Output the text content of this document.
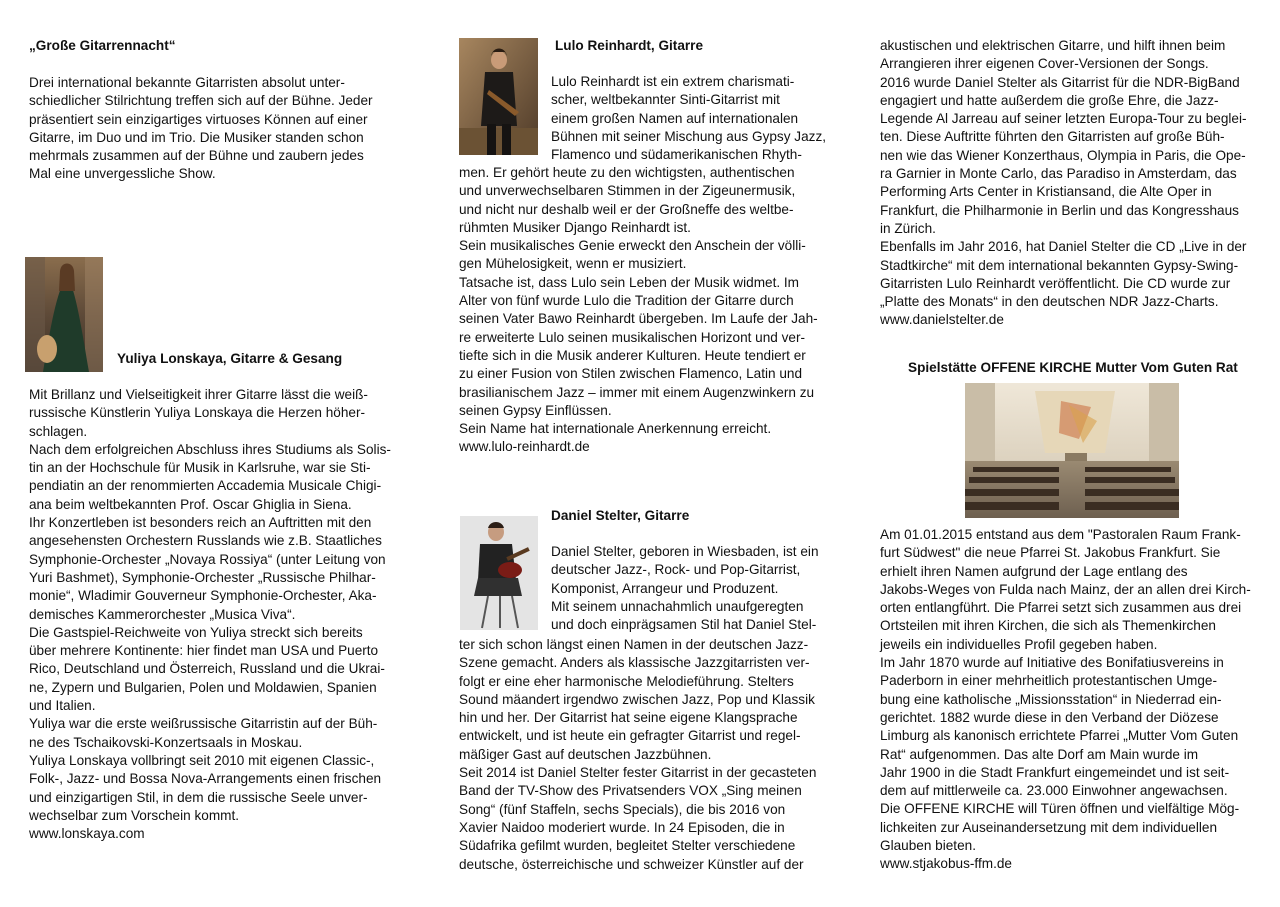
„Große Gitarrennacht“
Drei international bekannte Gitarristen absolut unter-
schiedlicher Stilrichtung treffen sich auf der Bühne. Jeder
präsentiert sein einzigartiges virtuoses Können auf einer
Gitarre, im Duo und im Trio. Die Musiker standen schon
mehrmals zusammen auf der Bühne und zaubern jedes
Mal eine unvergessliche Show.
Yuliya Lonskaya, Gitarre & Gesang
Mit Brillanz und Vielseitigkeit ihrer Gitarre lässt die weiß-
russische Künstlerin Yuliya Lonskaya die Herzen höher-
schlagen.
Nach dem erfolgreichen Abschluss ihres Studiums als Solis-
tin an der Hochschule für Musik in Karlsruhe, war sie Sti-
pendiatin an der renommierten Accademia Musicale Chigi-
ana beim weltbekannten Prof. Oscar Ghiglia in Siena.
Ihr Konzertleben ist besonders reich an Auftritten mit den
angesehensten Orchestern Russlands wie z.B. Staatliches
Symphonie-Orchester „Novaya Rossiya“ (unter Leitung von
Yuri Bashmet), Symphonie-Orchester „Russische Philhar-
monie“, Wladimir Gouverneur Symphonie-Orchester, Aka-
demisches Kammerorchester „Musica Viva“.
Die Gastspiel-Reichweite von Yuliya streckt sich bereits
über mehrere Kontinente: hier findet man USA und Puerto
Rico, Deutschland und Österreich, Russland und die Ukrai-
ne, Zypern und Bulgarien, Polen und Moldawien, Spanien
und Italien.
Yuliya war die erste weißrussische Gitarristin auf der Büh-
ne des Tschaikovski-Konzertsaals in Moskau.
Yuliya Lonskaya vollbringt seit 2010 mit eigenen Classic-,
Folk-, Jazz- und Bossa Nova-Arrangements einen frischen
und einzigartigen Stil, in dem die russische Seele unver-
wechselbar zum Vorschein kommt.
www.lonskaya.com
Lulo Reinhardt, Gitarre
Lulo Reinhardt ist ein extrem charismati-
scher, weltbekannter Sinti-Gitarrist mit
einem großen Namen auf internationalen
Bühnen mit seiner Mischung aus Gypsy Jazz,
Flamenco und südamerikanischen Rhyth-
men. Er gehört heute zu den wichtigsten, authentischen
und unverwechselbaren Stimmen in der Zigeunermusik,
und nicht nur deshalb weil er der Großneffe des weltbe-
rühmten Musiker Django Reinhardt ist.
Sein musikalisches Genie erweckt den Anschein der völli-
gen Mühelosigkeit, wenn er musiziert.
Tatsache ist, dass Lulo sein Leben der Musik widmet. Im
Alter von fünf wurde Lulo die Tradition der Gitarre durch
seinen Vater Bawo Reinhardt übergeben. Im Laufe der Jah-
re erweiterte Lulo seinen musikalischen Horizont und ver-
tiefte sich in die Musik anderer Kulturen. Heute tendiert er
zu einer Fusion von Stilen zwischen Flamenco, Latin und
brasilianischem Jazz – immer mit einem Augenzwinkern zu
seinen Gypsy Einflüssen.
Sein Name hat internationale Anerkennung erreicht.
www.lulo-reinhardt.de
Daniel Stelter, Gitarre
Daniel Stelter, geboren in Wiesbaden, ist ein
deutscher Jazz-, Rock- und Pop-Gitarrist,
Komponist, Arrangeur und Produzent.
Mit seinem unnachahmlich unaufgeregten
und doch einprägsamen Stil hat Daniel Stel-
ter sich schon längst einen Namen in der deutschen Jazz-
Szene gemacht. Anders als klassische Jazzgitarristen ver-
folgt er eine eher harmonische Melodieführung. Stelters
Sound mäandert irgendwo zwischen Jazz, Pop und Klassik
hin und her. Der Gitarrist hat seine eigene Klangsprache
entwickelt, und ist heute ein gefragter Gitarrist und regel-
mäßiger Gast auf deutschen Jazzbühnen.
Seit 2014 ist Daniel Stelter fester Gitarrist in der gecasteten
Band der TV-Show des Privatsenders VOX „Sing meinen
Song“ (fünf Staffeln, sechs Specials), die bis 2016 von
Xavier Naidoo moderiert wurde. In 24 Episoden, die in
Südafrika gefilmt wurden, begleitet Stelter verschiedene
deutsche, österreichische und schweizer Künstler auf der
akustischen und elektrischen Gitarre, und hilft ihnen beim
Arrangieren ihrer eigenen Cover-Versionen der Songs.
2016 wurde Daniel Stelter als Gitarrist für die NDR-BigBand
engagiert und hatte außerdem die große Ehre, die Jazz-
Legende Al Jarreau auf seiner letzten Europa-Tour zu beglei-
ten. Diese Auftritte führten den Gitarristen auf große Büh-
nen wie das Wiener Konzerthaus, Olympia in Paris, die Ope-
ra Garnier in Monte Carlo, das Paradiso in Amsterdam, das
Performing Arts Center in Kristiansand, die Alte Oper in
Frankfurt, die Philharmonie in Berlin und das Kongresshaus
in Zürich.
Ebenfalls im Jahr 2016, hat Daniel Stelter die CD „Live in der
Stadtkirche“ mit dem international bekannten Gypsy-Swing-
Gitarristen Lulo Reinhardt veröffentlicht. Die CD wurde zur
„Platte des Monats“ in den deutschen NDR Jazz-Charts.
www.danielstelter.de
Spielstätte OFFENE KIRCHE Mutter Vom Guten Rat
Am 01.01.2015 entstand aus dem "Pastoralen Raum Frank-
furt Südwest" die neue Pfarrei St. Jakobus Frankfurt. Sie
erhielt ihren Namen aufgrund der Lage entlang des
Jakobs-Weges von Fulda nach Mainz, der an allen drei Kirch-
orten entlangführt. Die Pfarrei setzt sich zusammen aus drei
Ortsteilen mit ihren Kirchen, die sich als Themenkirchen
jeweils ein individuelles Profil gegeben haben.
Im Jahr 1870 wurde auf Initiative des Bonifatiusvereins in
Paderborn in einer mehrheitlich protestantischen Umge-
bung eine katholische „Missionsstation“ in Niederrad ein-
gerichtet. 1882 wurde diese in den Verband der Diözese
Limburg als kanonisch errichtete Pfarrei „Mutter Vom Guten
Rat“ aufgenommen. Das alte Dorf am Main wurde im
Jahr 1900 in die Stadt Frankfurt eingemeindet und ist seit-
dem auf mittlerweile ca. 23.000 Einwohner angewachsen.
Die OFFENE KIRCHE will Türen öffnen und vielfältige Mög-
lichkeiten zur Auseinandersetzung mit dem individuellen
Glauben bieten.
www.stjakobus-ffm.de
